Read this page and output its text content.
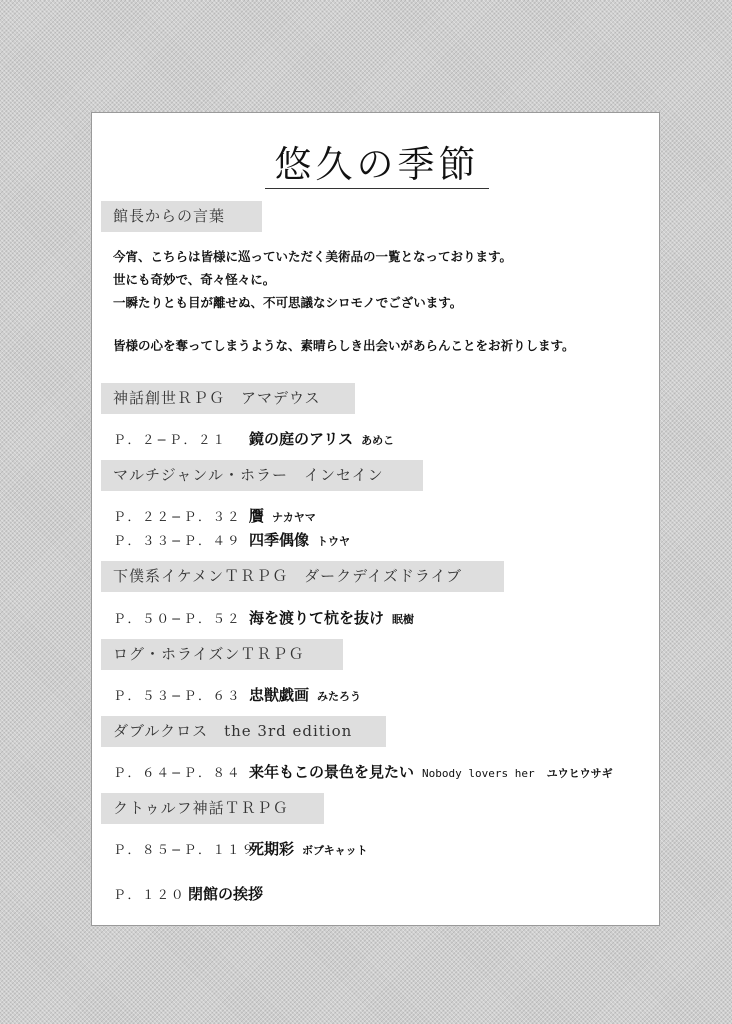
悠久の季節
館長からの言葉

今宵、こちらは皆様に巡っていただく美術品の一覧となっております。

世にも奇妙で、奇々怪々に。

一瞬たりとも目が離せぬ、不可思議なシロモノでございます。

皆様の心を奪ってしまうような、素晴らしき出会いがあらんことをお祈りします。

神話創世ＲＰＧ　アマデウス
Ｐ．２−Ｐ．２１ 鏡の庭のアリス あめこ
マルチジャンル・ホラー　インセイン
Ｐ．２２−Ｐ．３２ 贋 ナカヤマ
Ｐ．３３−Ｐ．４９ 四季偶像 トウヤ
下僕系イケメンＴＲＰＧ　ダークデイズドライブ
Ｐ．５０−Ｐ．５２ 海を渡りて杭を抜け 眠樹
ログ・ホライズンＴＲＰＧ
Ｐ．５３−Ｐ．６３ 忠獣戯画 みたろう
ダブルクロス　the 3rd edition
Ｐ．６４−Ｐ．８４ 来年もこの景色を見たい Nobody lovers her ユウヒウサギ
クトゥルフ神話ＴＲＰＧ
Ｐ．８５−Ｐ．１１９死期彩 ボブキャット
Ｐ．１２０ 閉館の挨拶
